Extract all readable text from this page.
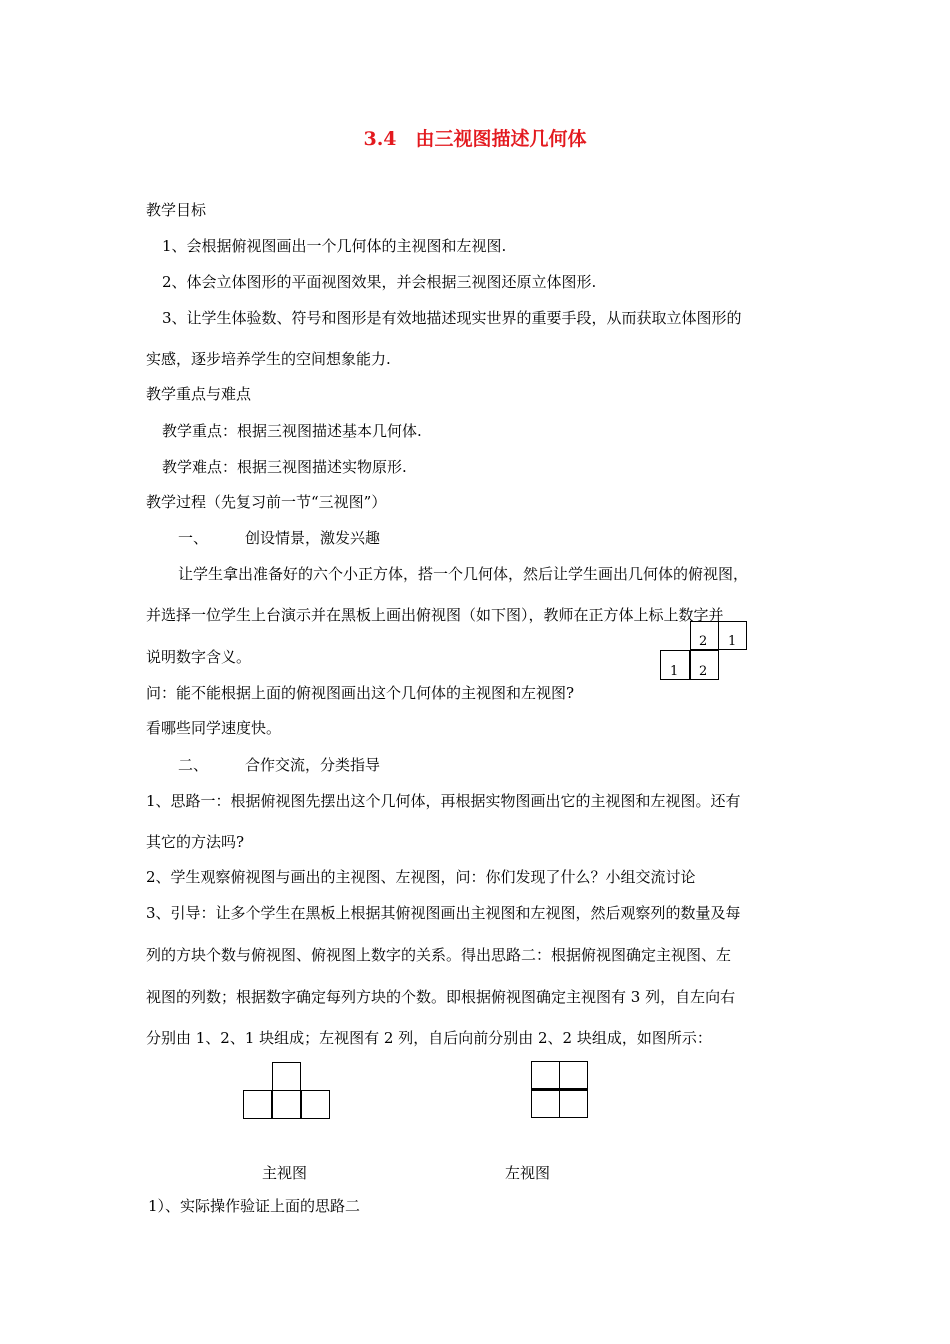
3.4　由三视图描述几何体
教学目标
1、会根据俯视图画出一个几何体的主视图和左视图.
2、体会立体图形的平面视图效果，并会根据三视图还原立体图形.
3、让学生体验数、符号和图形是有效地描述现实世界的重要手段，从而获取立体图形的
实感，逐步培养学生的空间想象能力.
教学重点与难点
教学重点：根据三视图描述基本几何体.
教学难点：根据三视图描述实物原形.
教学过程（先复习前一节“三视图”）
一、 创设情景，激发兴趣
让学生拿出准备好的六个小正方体，搭一个几何体，然后让学生画出几何体的俯视图，
并选择一位学生上台演示并在黑板上画出俯视图（如下图），教师在正方体上标上数字并
说明数字含义。
2 1
1 2
问：能不能根据上面的俯视图画出这个几何体的主视图和左视图?
看哪些同学速度快。
二、 合作交流，分类指导
1、思路一：根据俯视图先摆出这个几何体，再根据实物图画出它的主视图和左视图。还有
其它的方法吗?
2、学生观察俯视图与画出的主视图、左视图，问：你们发现了什么？小组交流讨论
3、引导：让多个学生在黑板上根据其俯视图画出主视图和左视图，然后观察列的数量及每
列的方块个数与俯视图、俯视图上数字的关系。得出思路二：根据俯视图确定主视图、左
视图的列数；根据数字确定每列方块的个数。即根据俯视图确定主视图有 3 列，自左向右
分别由 1、2、1 块组成；左视图有 2 列，自后向前分别由 2、2 块组成，如图所示：
主视图	左视图
1）、实际操作验证上面的思路二
